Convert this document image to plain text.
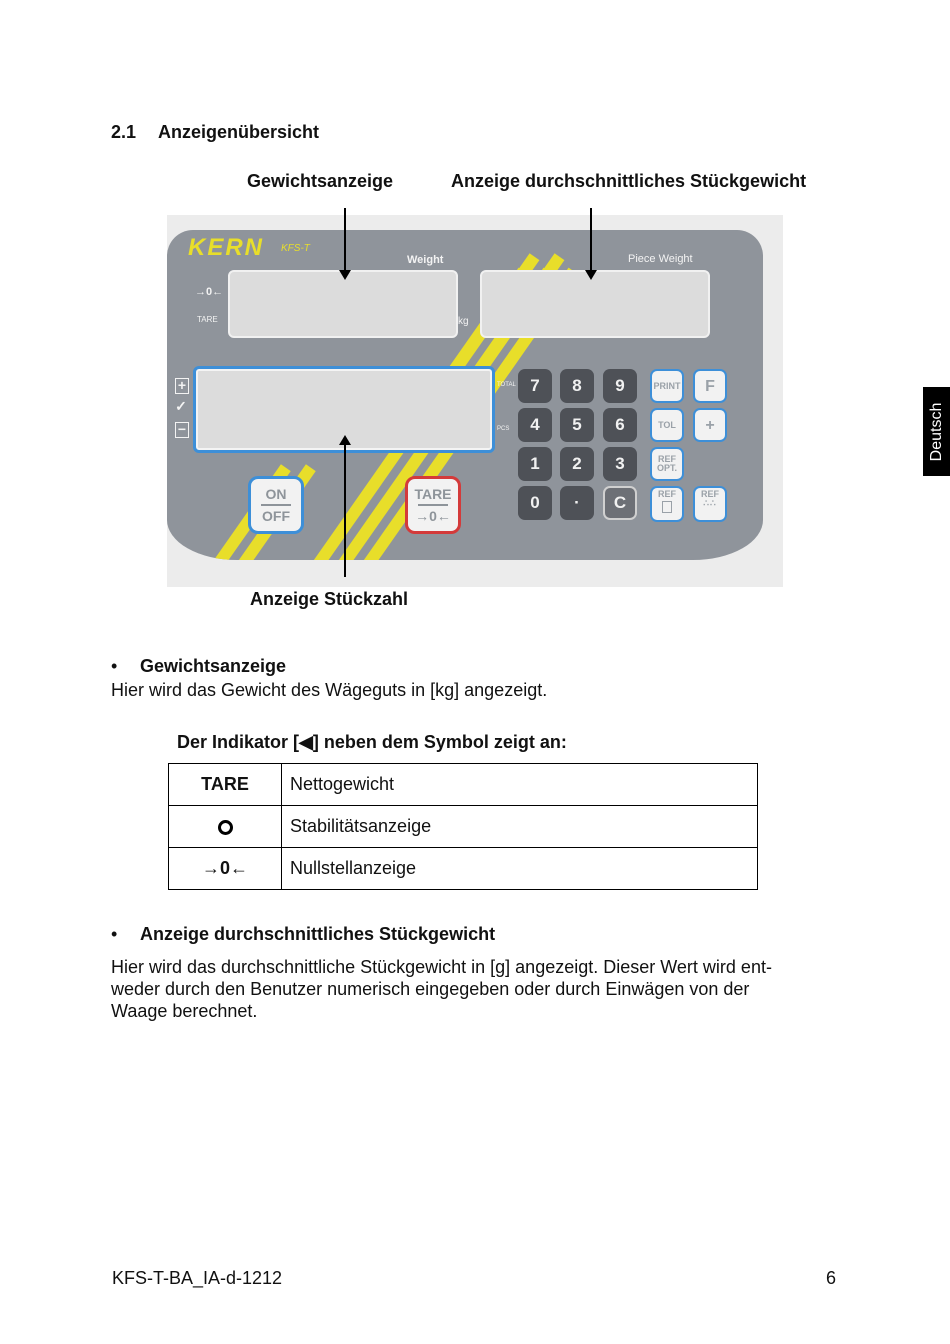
2.1 Anzeigenübersicht
Gewichtsanzeige	Anzeige durchschnittliches Stückgewicht
KERN KFS-T
Weight	Piece Weight
→0←
TARE	kg
TOTAL
PCS
+
✓
−
7	8	9
4	5	6
1	2	3
0	·	C
PRINT	F
TOL	+
REF
OPT.
REF	REF
∴∴
ON
OFF
TARE
→0←
Anzeige Stückzahl
Deutsch
• Gewichtsanzeige
Hier wird das Gewicht des Wägeguts in [kg] angezeigt.
Der Indikator [◀] neben dem Symbol zeigt an:
TARE	Nettogewicht
	Stabilitätsanzeige
→0←	Nullstellanzeige
• Anzeige durchschnittliches Stückgewicht
Hier wird das durchschnittliche Stückgewicht in [g] angezeigt. Dieser Wert wird ent-
weder durch den Benutzer numerisch eingegeben oder durch Einwägen von der
Waage berechnet.
KFS-T-BA_IA-d-1212	6
